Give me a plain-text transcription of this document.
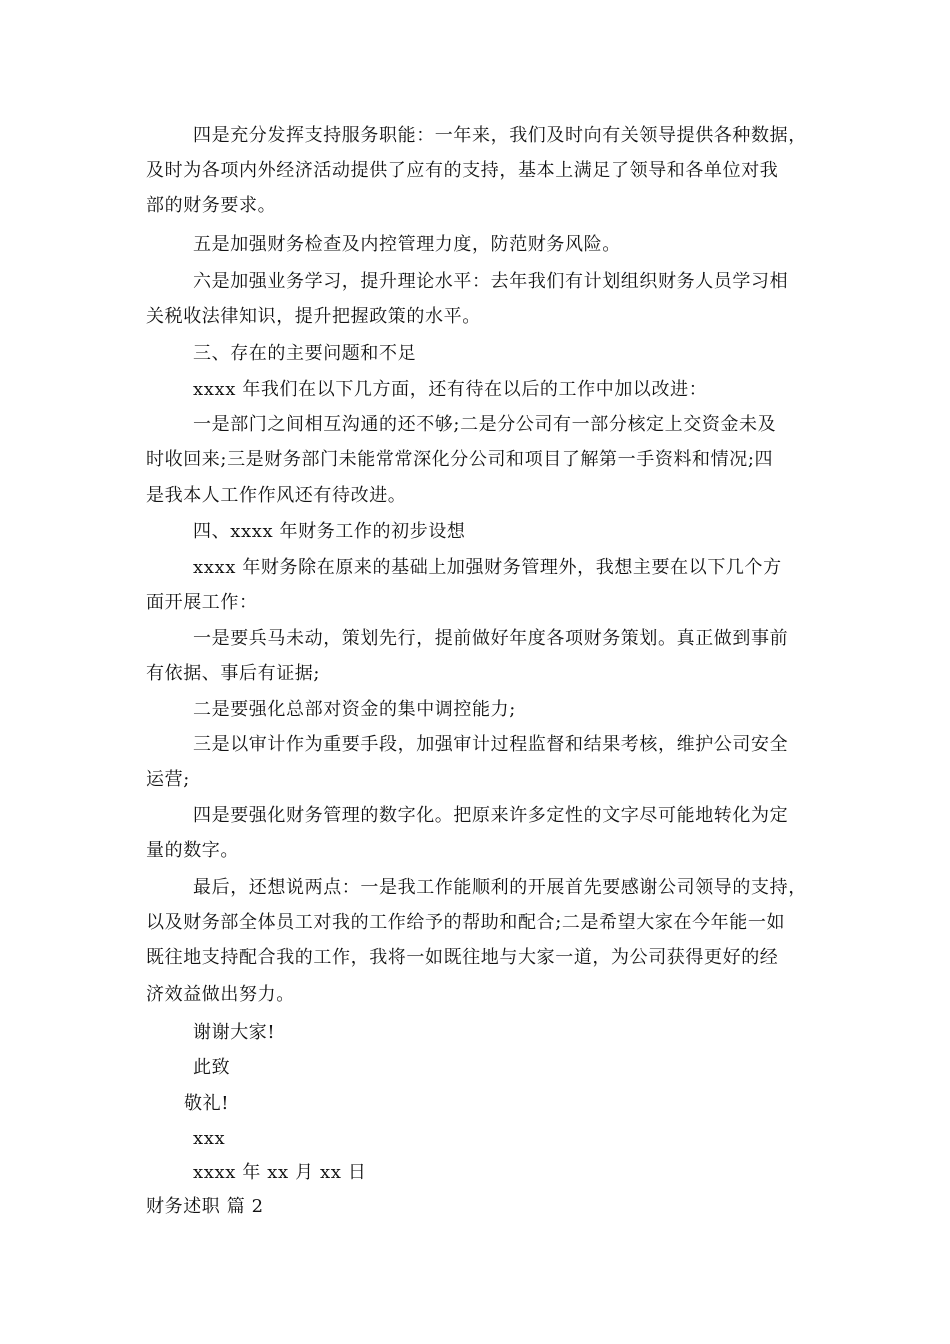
四是充分发挥支持服务职能：一年来，我们及时向有关领导提供各种数据，
及时为各项内外经济活动提供了应有的支持，基本上满足了领导和各单位对我
部的财务要求。
五是加强财务检查及内控管理力度，防范财务风险。
六是加强业务学习，提升理论水平：去年我们有计划组织财务人员学习相
关税收法律知识，提升把握政策的水平。
三、存在的主要问题和不足
xxxx 年我们在以下几方面，还有待在以后的工作中加以改进：
一是部门之间相互沟通的还不够;二是分公司有一部分核定上交资金未及
时收回来;三是财务部门未能常常深化分公司和项目了解第一手资料和情况;四
是我本人工作作风还有待改进。
四、xxxx 年财务工作的初步设想
xxxx 年财务除在原来的基础上加强财务管理外，我想主要在以下几个方
面开展工作：
一是要兵马未动，策划先行，提前做好年度各项财务策划。真正做到事前
有依据、事后有证据;
二是要强化总部对资金的集中调控能力;
三是以审计作为重要手段，加强审计过程监督和结果考核，维护公司安全
运营;
四是要强化财务管理的数字化。把原来许多定性的文字尽可能地转化为定
量的数字。
最后，还想说两点：一是我工作能顺利的开展首先要感谢公司领导的支持，
以及财务部全体员工对我的工作给予的帮助和配合;二是希望大家在今年能一如
既往地支持配合我的工作，我将一如既往地与大家一道，为公司获得更好的经
济效益做出努力。
谢谢大家!
此致
敬礼!
xxx
xxxx 年 xx 月 xx 日
财务述职 篇 2
